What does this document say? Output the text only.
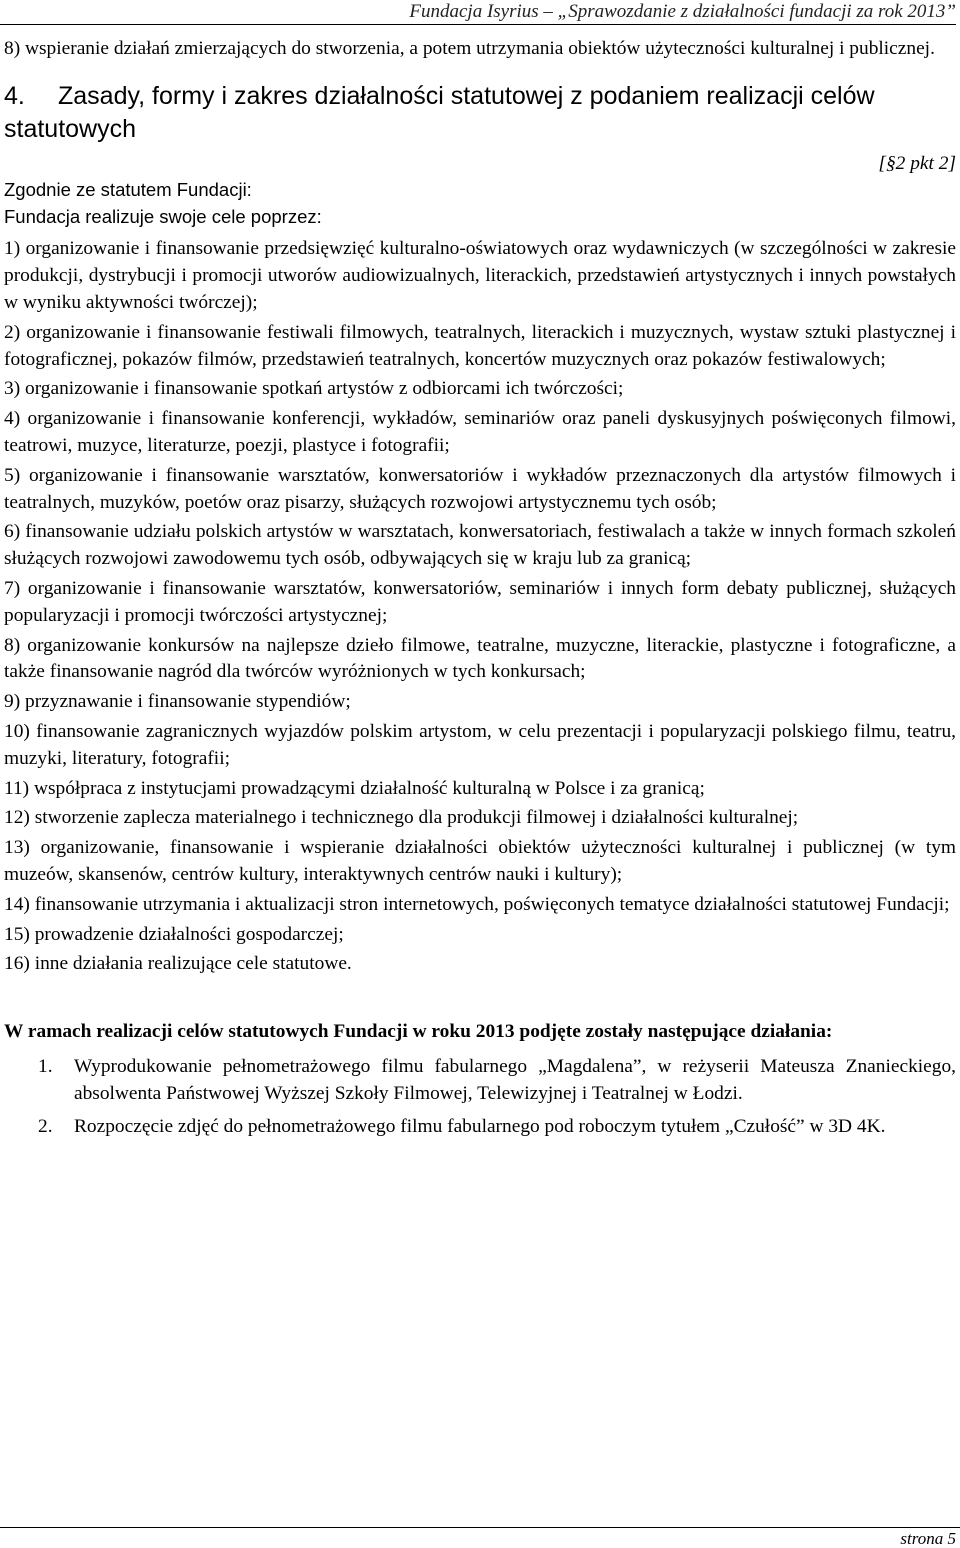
Fundacja Isyrius – „Sprawozdanie z działalności fundacji za rok 2013”

8) wspieranie działań zmierzających do stworzenia, a potem utrzymania obiektów użyteczności kulturalnej i publicznej.

4. Zasady, formy i zakres działalności statutowej z podaniem realizacji celów statutowych

[§2 pkt 2]

Zgodnie ze statutem Fundacji:

Fundacja realizuje swoje cele poprzez:

1) organizowanie i finansowanie przedsięwzięć kulturalno-oświatowych oraz wydawniczych (w szczególności w zakresie produkcji, dystrybucji i promocji utworów audiowizualnych, literackich, przedstawień artystycznych i innych powstałych w wyniku aktywności twórczej);

2) organizowanie i finansowanie festiwali filmowych, teatralnych, literackich i muzycznych, wystaw sztuki plastycznej i fotograficznej, pokazów filmów, przedstawień teatralnych, koncertów muzycznych oraz pokazów festiwalowych;

3) organizowanie i finansowanie spotkań artystów z odbiorcami ich twórczości;

4) organizowanie i finansowanie konferencji, wykładów, seminariów oraz paneli dyskusyjnych poświęconych filmowi, teatrowi, muzyce, literaturze, poezji, plastyce i fotografii;

5) organizowanie i finansowanie warsztatów, konwersatoriów i wykładów przeznaczonych dla artystów filmowych i teatralnych, muzyków, poetów oraz pisarzy, służących rozwojowi artystycznemu tych osób;

6) finansowanie udziału polskich artystów w warsztatach, konwersatoriach, festiwalach a także w innych formach szkoleń służących rozwojowi zawodowemu tych osób, odbywających się w kraju lub za granicą;

7) organizowanie i finansowanie warsztatów, konwersatoriów, seminariów i innych form debaty publicznej, służących popularyzacji i promocji twórczości artystycznej;

8) organizowanie konkursów na najlepsze dzieło filmowe, teatralne, muzyczne, literackie, plastyczne i fotograficzne, a także finansowanie nagród dla twórców wyróżnionych w tych konkursach;

9) przyznawanie i finansowanie stypendiów;

10) finansowanie zagranicznych wyjazdów polskim artystom, w celu prezentacji i popularyzacji polskiego filmu, teatru, muzyki, literatury, fotografii;

11) współpraca z instytucjami prowadzącymi działalność kulturalną w Polsce i za granicą;

12) stworzenie zaplecza materialnego i technicznego dla produkcji filmowej i działalności kulturalnej;

13) organizowanie, finansowanie i wspieranie działalności obiektów użyteczności kulturalnej i publicznej (w tym muzeów, skansenów, centrów kultury, interaktywnych centrów nauki i kultury);

14) finansowanie utrzymania i aktualizacji stron internetowych, poświęconych tematyce działalności statutowej Fundacji;

15) prowadzenie działalności gospodarczej;

16) inne działania realizujące cele statutowe.

W ramach realizacji celów statutowych Fundacji w roku 2013 podjęte zostały następujące działania:

1. Wyprodukowanie pełnometrażowego filmu fabularnego „Magdalena”, w reżyserii Mateusza Znanieckiego, absolwenta Państwowej Wyższej Szkoły Filmowej, Telewizyjnej i Teatralnej w Łodzi.
2. Rozpoczęcie zdjęć do pełnometrażowego filmu fabularnego pod roboczym tytułem „Czułość” w 3D 4K.
strona 5
